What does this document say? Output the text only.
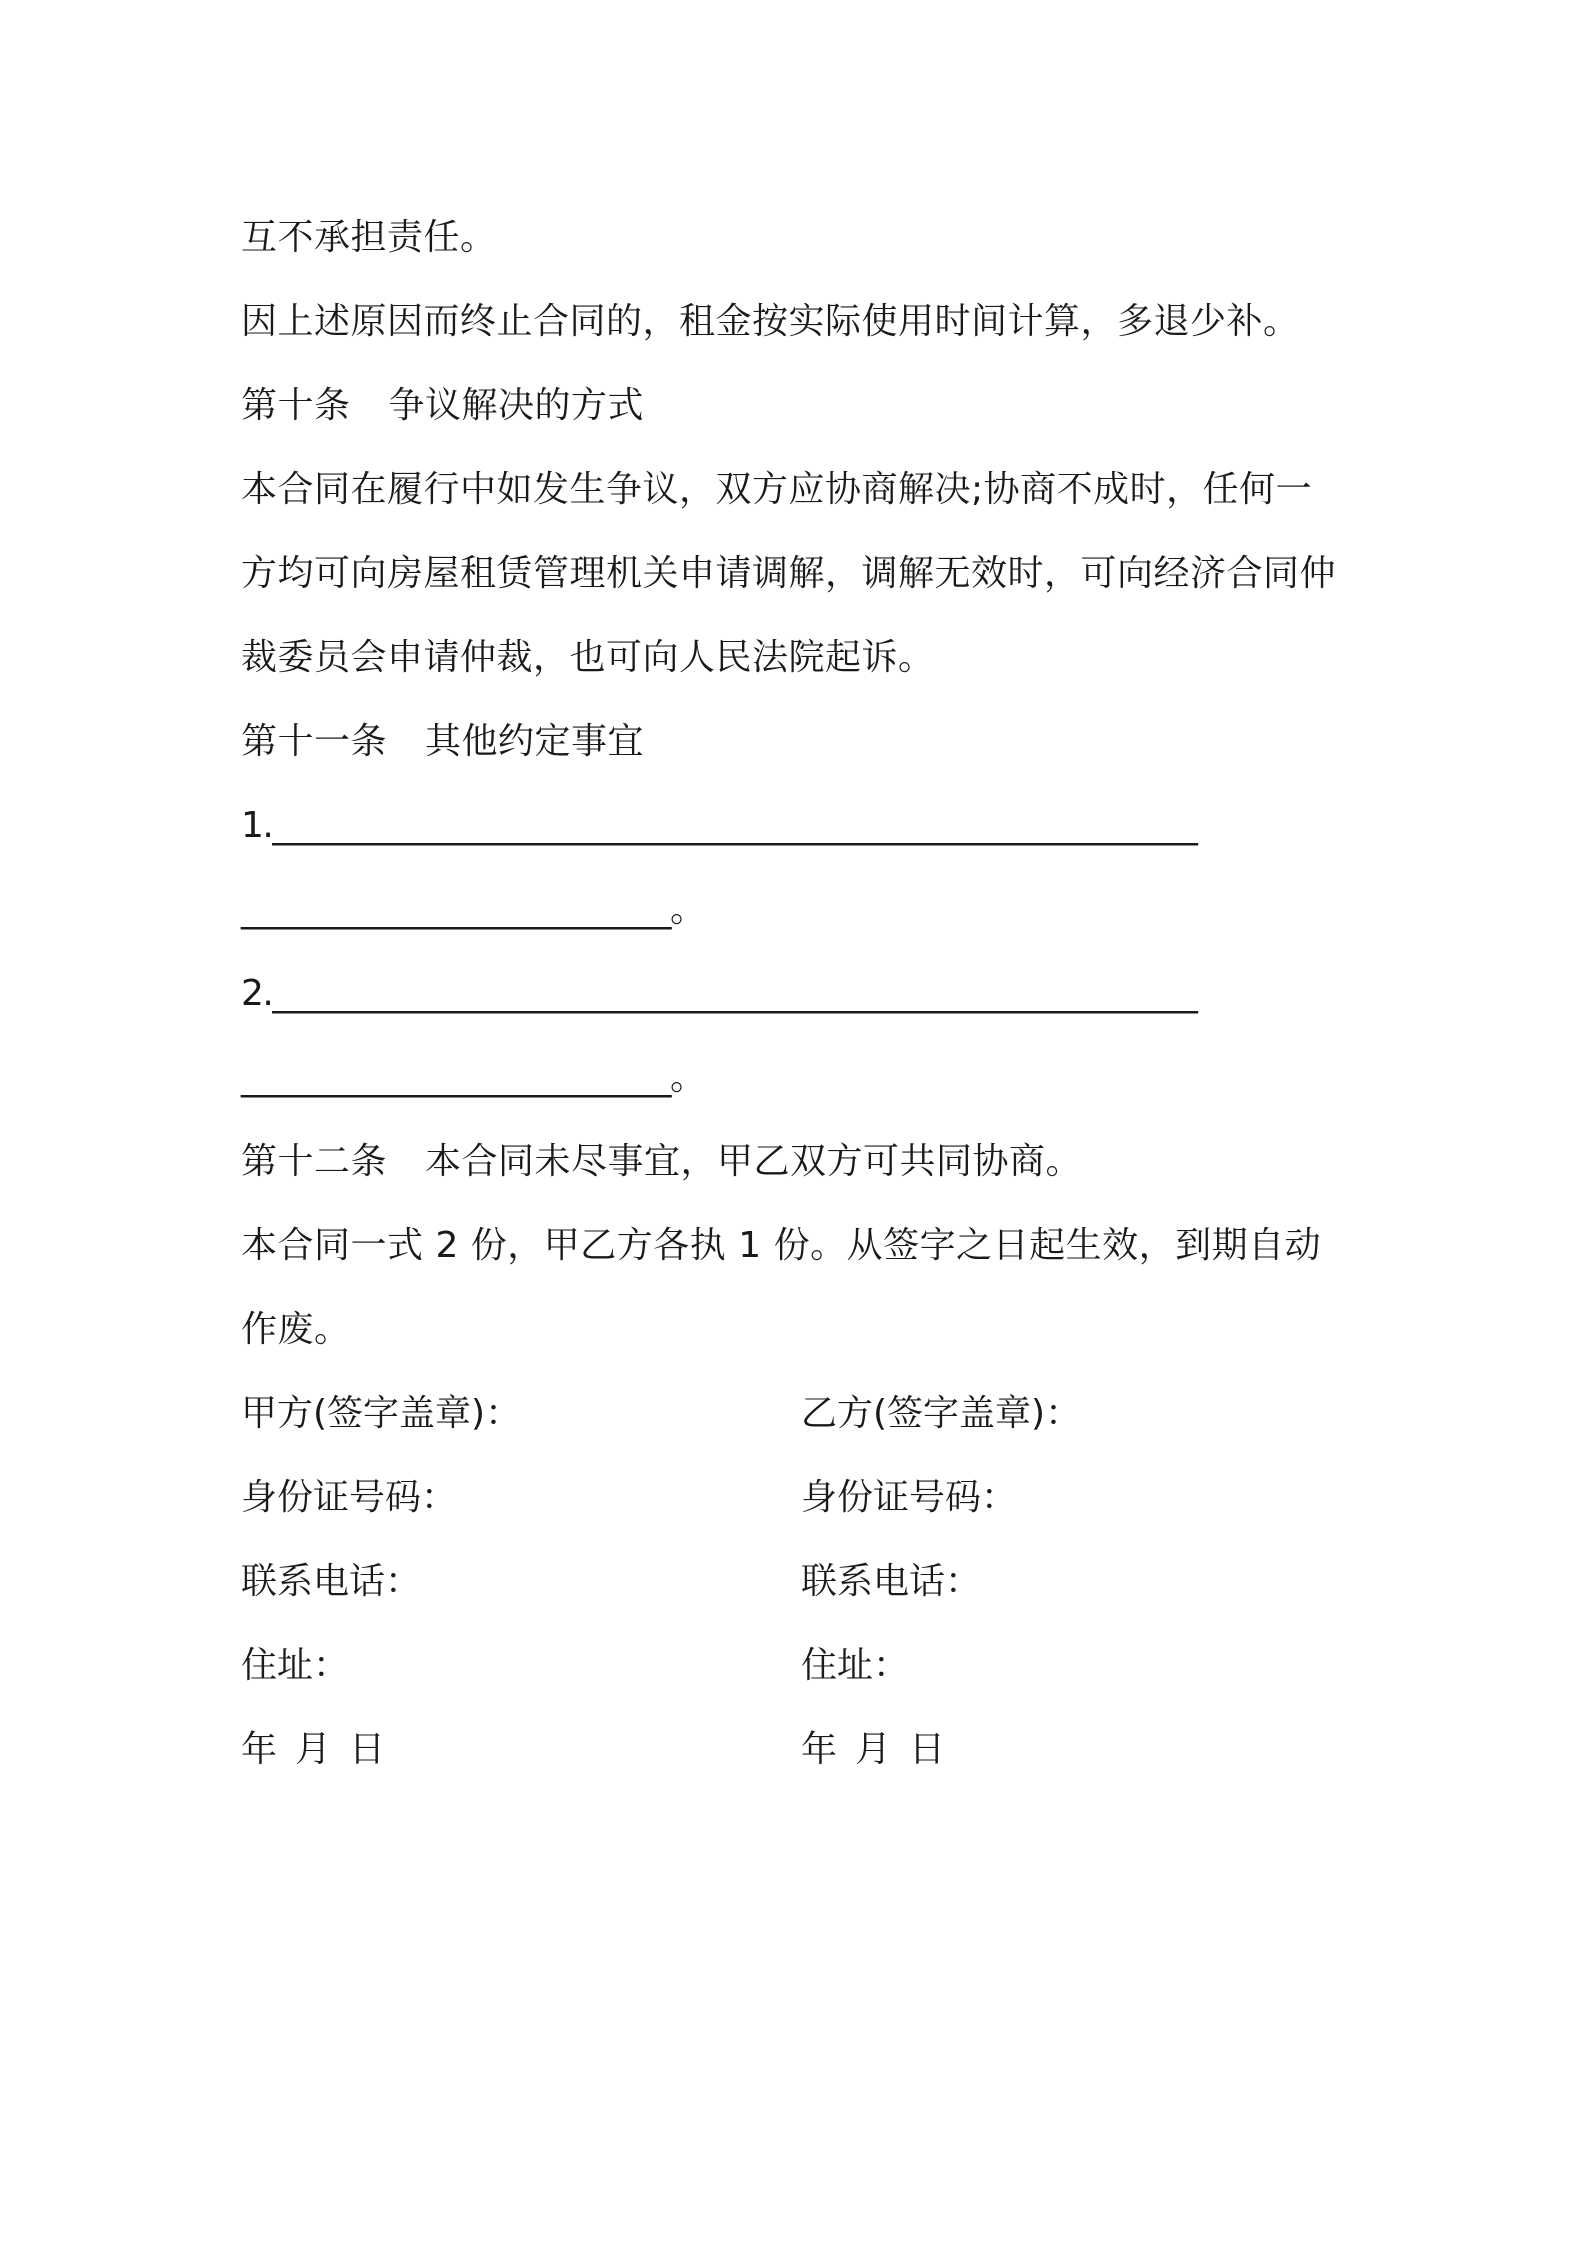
互不承担责任。
因上述原因而终止合同的，租金按实际使用时间计算，多退少补。
第十条 争议解决的方式
本合同在履行中如发生争议，双方应协商解决;协商不成时，任何一
方均可向房屋租赁管理机关申请调解，调解无效时，可向经济合同仲
裁委员会申请仲裁，也可向人民法院起诉。
第十一条 其他约定事宜
1.________________________________________________________
__________________________。
2.________________________________________________________
__________________________。
第十二条 本合同未尽事宜，甲乙双方可共同协商。
本合同一式 2 份，甲乙方各执 1 份。从签字之日起生效，到期自动
作废。
甲方(签字盖章)：	乙方(签字盖章)：
身份证号码：	身份证号码：
联系电话：	联系电话：
住址：	住址：
年 月 日	年 月 日
